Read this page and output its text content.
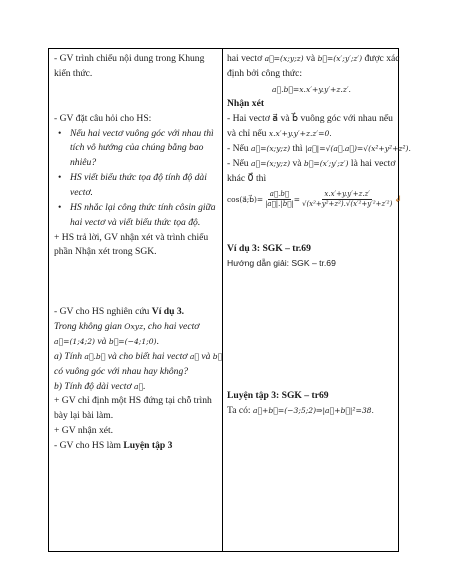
- GV trình chiếu nội dung trong Khung
kiến thức.
- GV đặt câu hỏi cho HS:
• Nếu hai vectơ vuông góc với nhau thì
tích vô hướng của chúng bằng bao
nhiêu?
• HS viết biểu thức tọa độ tính độ dài
vectơ.
• HS nhắc lại công thức tính côsin giữa
hai vectơ và viết biểu thức tọa độ.
+ HS trả lời, GV nhận xét và trình chiếu
phần Nhận xét trong SGK.
- GV cho HS nghiên cứu Ví dụ 3.
Trong không gian Oxyz, cho hai vectơ
a⃗=(1;4;2) và b⃗=(−4;1;0).
a) Tính a⃗.b⃗ và cho biết hai vectơ a⃗ và b⃗
có vuông góc với nhau hay không?
b) Tính độ dài vectơ a⃗.
+ GV chỉ định một HS đứng tại chỗ trình
bày lại bài làm.
+ GV nhận xét.
- GV cho HS làm Luyện tập 3
hai vectơ a⃗=(x;y;z) và b⃗=(x′;y′;z′) được xác
định bởi công thức:
a⃗.b⃗=x.x′+y.y′+z.z′.
Nhận xét
- Hai vectơ a⃗ và b⃗ vuông góc với nhau nếu
và chỉ nếu x.x′+y.y′+z.z′=0.
- Nếu a⃗=(x;y;z) thì |a⃗|=√(a⃗.a⃗)=√(x²+y²+z²).
- Nếu a⃗=(x;y;z) và b⃗=(x′;y′;z′) là hai vectơ
khác 0⃗ thì
cos(a⃗;b⃗)= $\frac{a⃗.b⃗}{|a⃗|.|b⃗|} = \frac{x.x'+y.y'+z.z'}{\text{√(x²+y²+z²).√(x′²+y′²+z′²)}}$ ↲
Ví dụ 3: SGK – tr.69
Hướng dẫn giải: SGK – tr.69
Luyện tập 3: SGK – tr69
Ta có: a⃗+b⃗=(−3;5;2)⇒|a⃗+b⃗|²=38.
